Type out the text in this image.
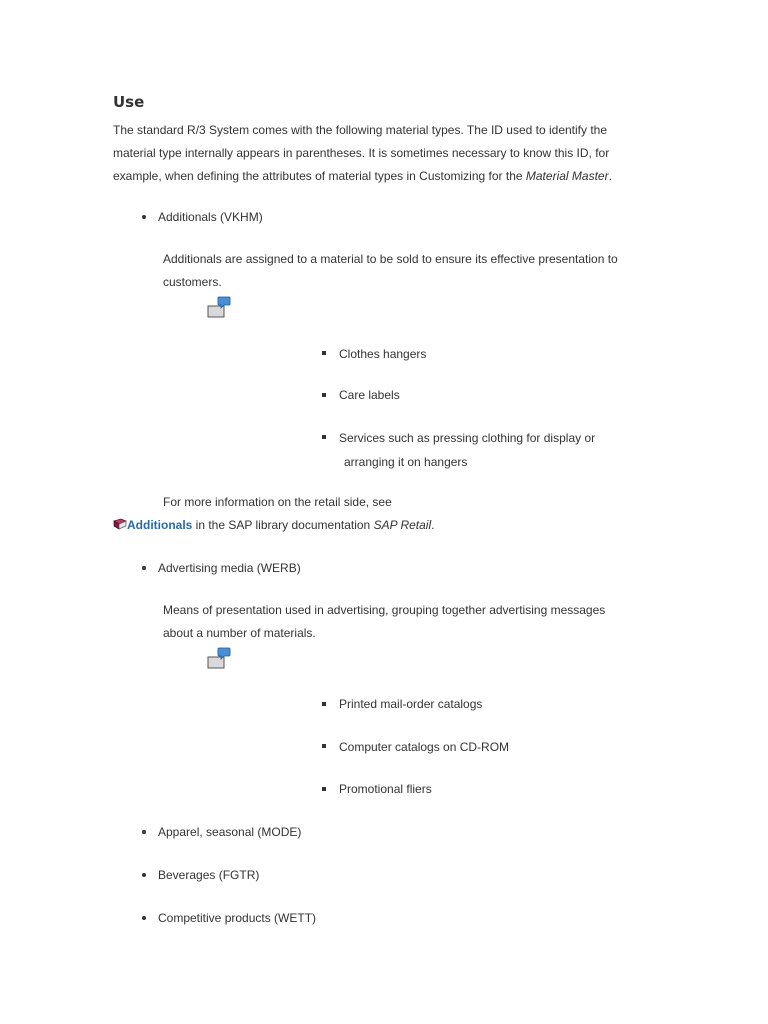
Use
The standard R/3 System comes with the following material types. The ID used to identify the
material type internally appears in parentheses. It is sometimes necessary to know this ID, for
example, when defining the attributes of material types in Customizing for the Material Master.
Additionals (VKHM)
Additionals are assigned to a material to be sold to ensure its effective presentation to
customers.
Clothes hangers
Care labels
Services such as pressing clothing for display or
arranging it on hangers
For more information on the retail side, see
Additionals in the SAP library documentation SAP Retail.
Advertising media (WERB)
Means of presentation used in advertising, grouping together advertising messages
about a number of materials.
Printed mail-order catalogs
Computer catalogs on CD-ROM
Promotional fliers
Apparel, seasonal (MODE)
Beverages (FGTR)
Competitive products (WETT)
